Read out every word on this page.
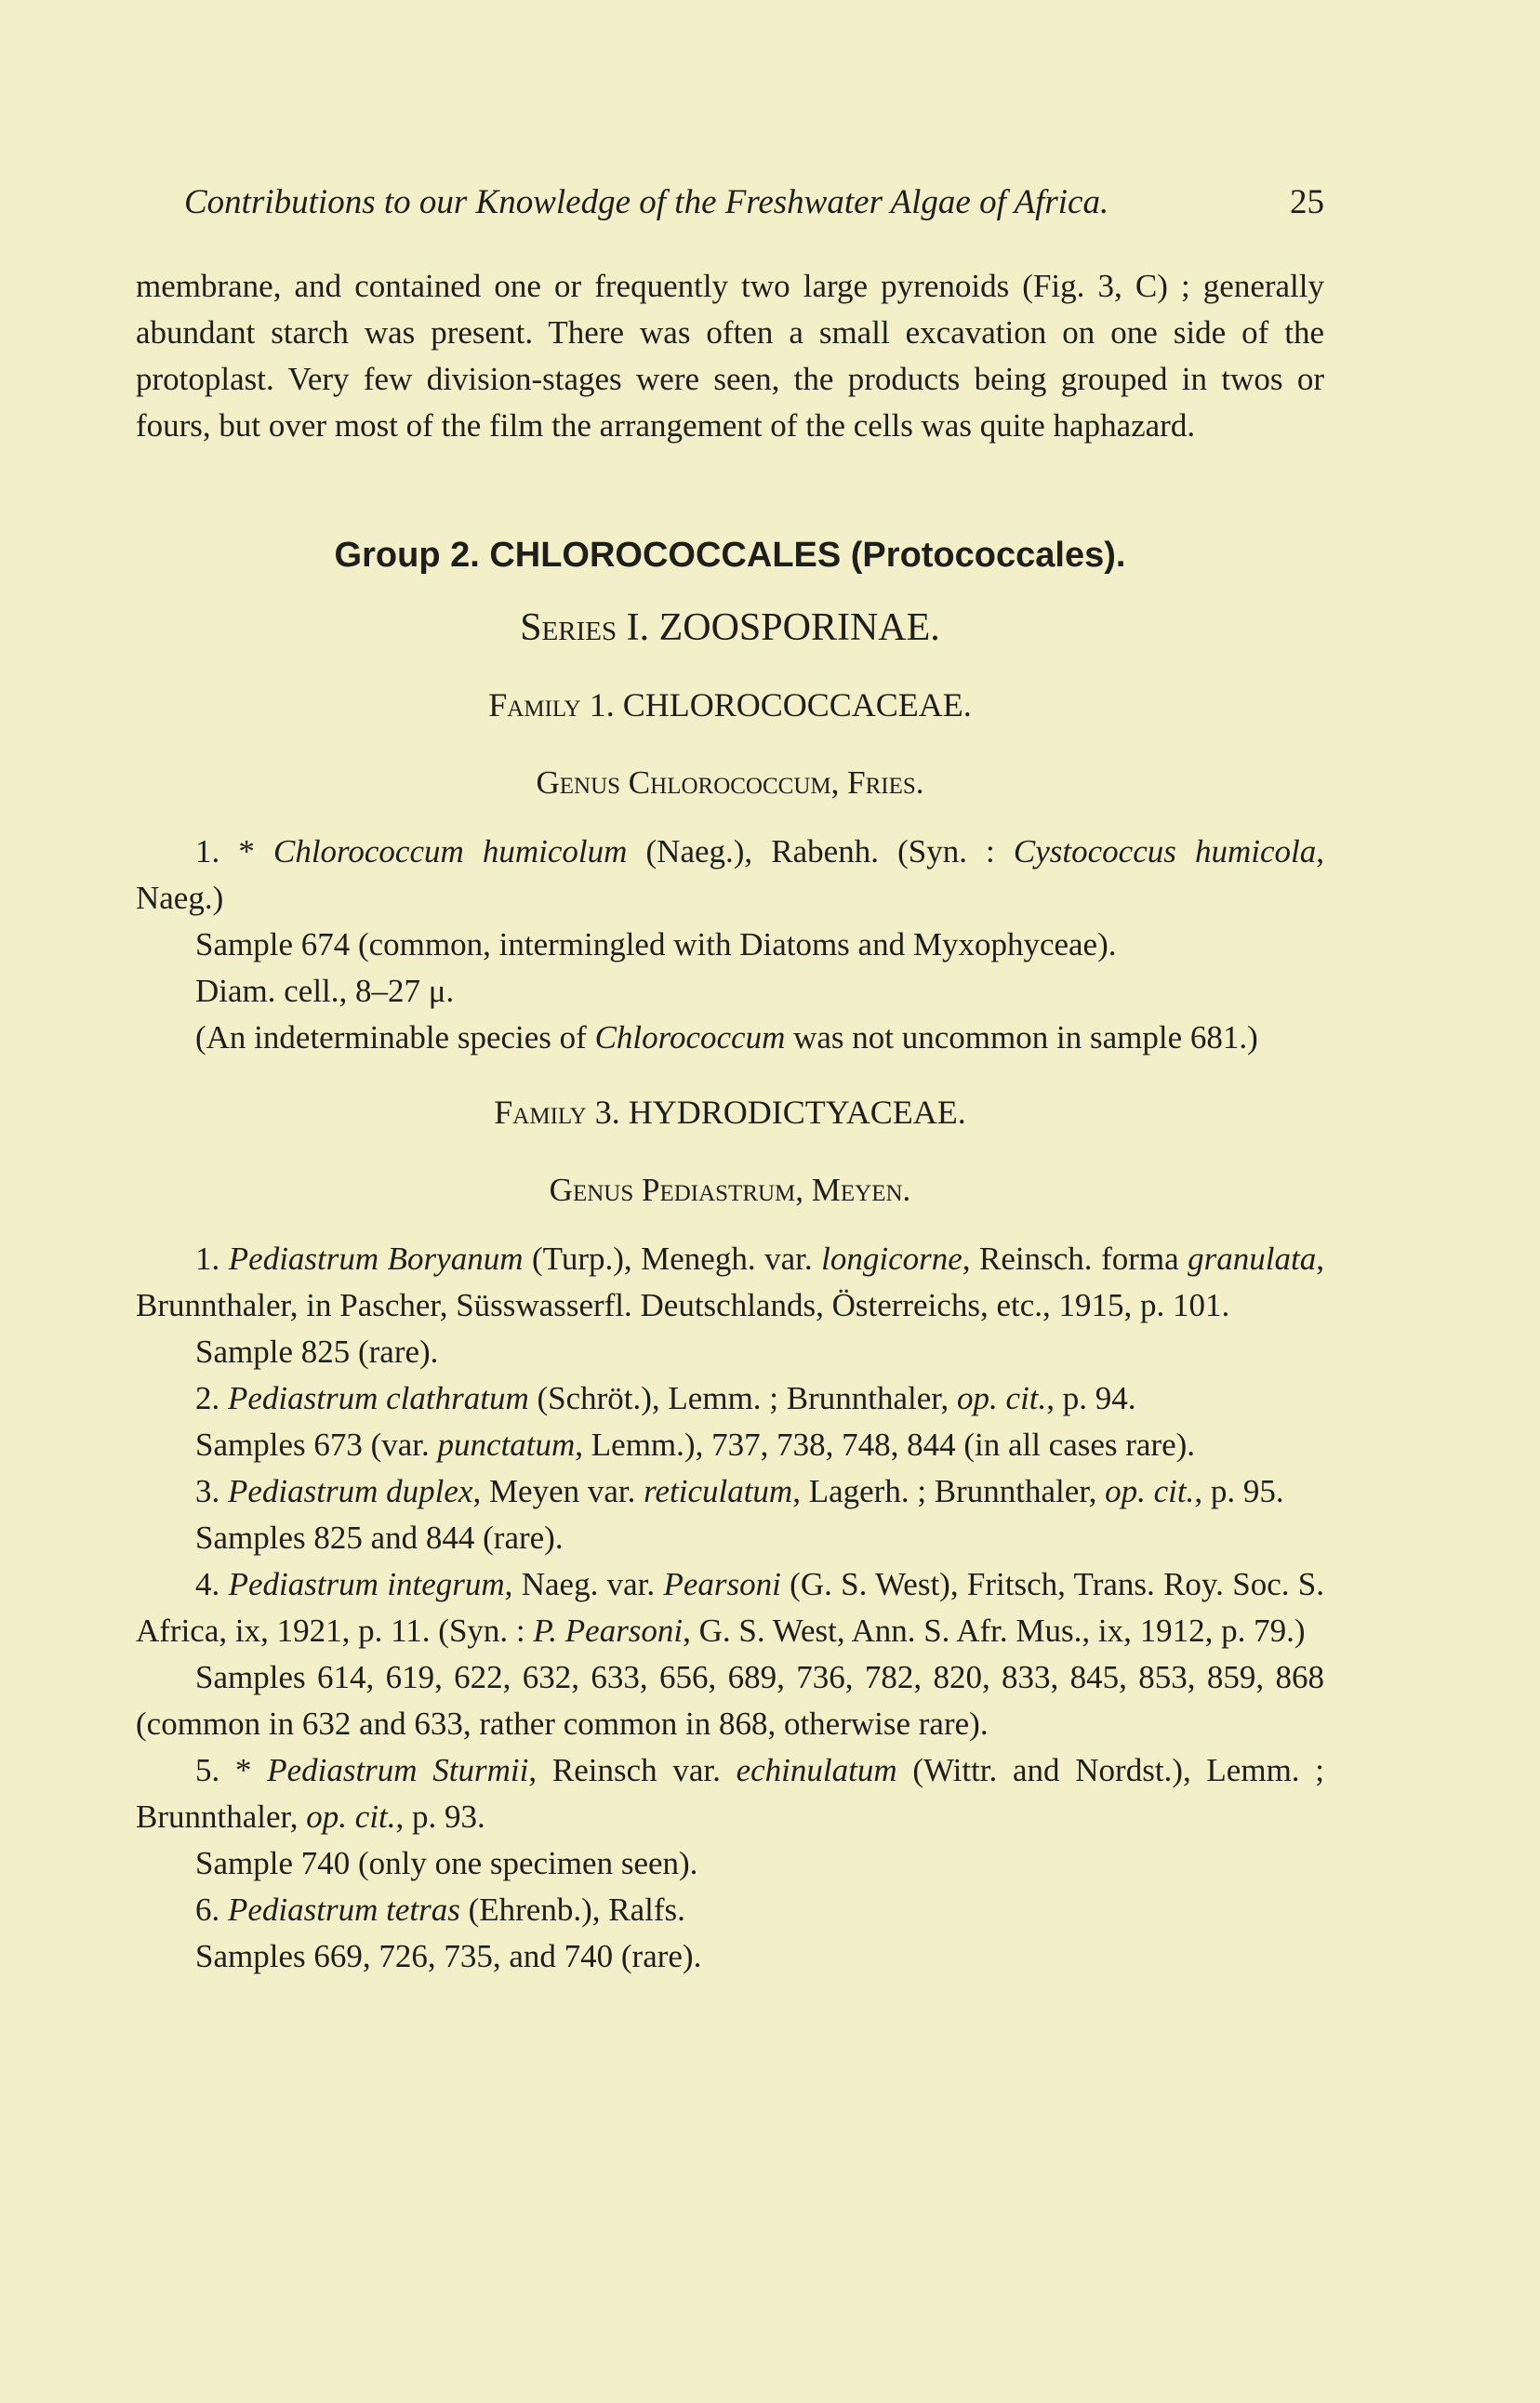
Contributions to our Knowledge of the Freshwater Algae of Africa.	25

membrane, and contained one or frequently two large pyrenoids (Fig. 3, C) ; generally abundant starch was present. There was often a small excavation on one side of the protoplast. Very few division-stages were seen, the products being grouped in twos or fours, but over most of the film the arrangement of the cells was quite haphazard.

Group 2. CHLOROCOCCALES (Protococcales).
Series I. ZOOSPORINAE.
Family 1. CHLOROCOCCACEAE.
Genus Chlorococcum, Fries.

1. * Chlorococcum humicolum (Naeg.), Rabenh. (Syn. : Cystococcus humicola, Naeg.)

Sample 674 (common, intermingled with Diatoms and Myxophyceae).

Diam. cell., 8–27 μ.

(An indeterminable species of Chlorococcum was not uncommon in sample 681.)

Family 3. HYDRODICTYACEAE.
Genus Pediastrum, Meyen.

1. Pediastrum Boryanum (Turp.), Menegh. var. longicorne, Reinsch. forma granulata, Brunnthaler, in Pascher, Süsswasserfl. Deutschlands, Österreichs, etc., 1915, p. 101.

Sample 825 (rare).

2. Pediastrum clathratum (Schröt.), Lemm. ; Brunnthaler, op. cit., p. 94.

Samples 673 (var. punctatum, Lemm.), 737, 738, 748, 844 (in all cases rare).

3. Pediastrum duplex, Meyen var. reticulatum, Lagerh. ; Brunnthaler, op. cit., p. 95.

Samples 825 and 844 (rare).

4. Pediastrum integrum, Naeg. var. Pearsoni (G. S. West), Fritsch, Trans. Roy. Soc. S. Africa, ix, 1921, p. 11. (Syn. : P. Pearsoni, G. S. West, Ann. S. Afr. Mus., ix, 1912, p. 79.)

Samples 614, 619, 622, 632, 633, 656, 689, 736, 782, 820, 833, 845, 853, 859, 868 (common in 632 and 633, rather common in 868, otherwise rare).

5. * Pediastrum Sturmii, Reinsch var. echinulatum (Wittr. and Nordst.), Lemm. ; Brunnthaler, op. cit., p. 93.

Sample 740 (only one specimen seen).

6. Pediastrum tetras (Ehrenb.), Ralfs.

Samples 669, 726, 735, and 740 (rare).
